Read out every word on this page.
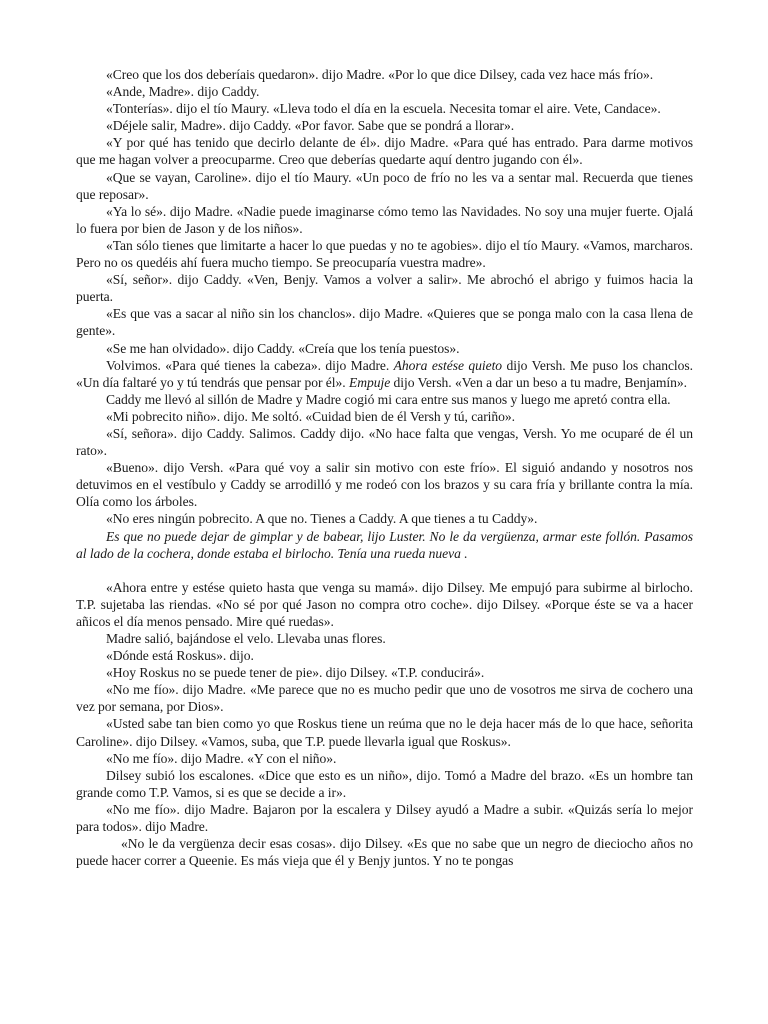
«Creo que los dos deberíais quedaron». dijo Madre. «Por lo que dice Dilsey, cada vez hace más frío».

«Ande, Madre». dijo Caddy.

«Tonterías». dijo el tío Maury. «Lleva todo el día en la escuela. Necesita tomar el aire. Vete, Candace».

«Déjele salir, Madre». dijo Caddy. «Por favor. Sabe que se pondrá a llorar».

«Y por qué has tenido que decirlo delante de él». dijo Madre. «Para qué has entrado. Para darme motivos que me hagan volver a preocuparme. Creo que deberías quedarte aquí dentro jugando con él».

«Que se vayan, Caroline». dijo el tío Maury. «Un poco de frío no les va a sentar mal. Recuerda que tienes que reposar».

«Ya lo sé». dijo Madre. «Nadie puede imaginarse cómo temo las Navidades. No soy una mujer fuerte. Ojalá lo fuera por bien de Jason y de los niños».

«Tan sólo tienes que limitarte a hacer lo que puedas y no te agobies». dijo el tío Maury. «Vamos, marcharos. Pero no os quedéis ahí fuera mucho tiempo. Se preocuparía vuestra madre».

«Sí, señor». dijo Caddy. «Ven, Benjy. Vamos a volver a salir». Me abrochó el abrigo y fuimos hacia la puerta.

«Es que vas a sacar al niño sin los chanclos». dijo Madre. «Quieres que se ponga malo con la casa llena de gente».

«Se me han olvidado». dijo Caddy. «Creía que los tenía puestos».

Volvimos. «Para qué tienes la cabeza». dijo Madre. Ahora estése quieto dijo Versh. Me puso los chanclos. «Un día faltaré yo y tú tendrás que pensar por él». Empuje dijo Versh. «Ven a dar un beso a tu madre, Benjamín».

Caddy me llevó al sillón de Madre y Madre cogió mi cara entre sus manos y luego me apretó contra ella.

«Mi pobrecito niño». dijo. Me soltó. «Cuidad bien de él Versh y tú, cariño».

«Sí, señora». dijo Caddy. Salimos. Caddy dijo. «No hace falta que vengas, Versh. Yo me ocuparé de él un rato».

«Bueno». dijo Versh. «Para qué voy a salir sin motivo con este frío». El siguió andando y nosotros nos detuvimos en el vestíbulo y Caddy se arrodilló y me rodeó con los brazos y su cara fría y brillante contra la mía. Olía como los árboles.

«No eres ningún pobrecito. A que no. Tienes a Caddy. A que tienes a tu Caddy».

Es que no puede dejar de gimplar y de babear, lijo Luster. No le da vergüenza, armar este follón. Pasamos al lado de la cochera, donde estaba el birlocho. Tenía una rueda nueva .

«Ahora entre y estése quieto hasta que venga su mamá». dijo Dilsey. Me empujó para subirme al birlocho. T.P. sujetaba las riendas. «No sé por qué Jason no compra otro coche». dijo Dilsey. «Porque éste se va a hacer añicos el día menos pensado. Mire qué ruedas».

Madre salió, bajándose el velo. Llevaba unas flores.

«Dónde está Roskus». dijo.

«Hoy Roskus no se puede tener de pie». dijo Dilsey. «T.P. conducirá».

«No me fío». dijo Madre. «Me parece que no es mucho pedir que uno de vosotros me sirva de cochero una vez por semana, por Dios».

«Usted sabe tan bien como yo que Roskus tiene un reúma que no le deja hacer más de lo que hace, señorita Caroline». dijo Dilsey. «Vamos, suba, que T.P. puede llevarla igual que Roskus».

«No me fío». dijo Madre. «Y con el niño».

Dilsey subió los escalones. «Dice que esto es un niño», dijo. Tomó a Madre del brazo. «Es un hombre tan grande como T.P. Vamos, si es que se decide a ir».

«No me fío». dijo Madre. Bajaron por la escalera y Dilsey ayudó a Madre a subir. «Quizás sería lo mejor para todos». dijo Madre.

«No le da vergüenza decir esas cosas». dijo Dilsey. «Es que no sabe que un negro de dieciocho años no puede hacer correr a Queenie. Es más vieja que él y Benjy juntos. Y no te pongas
